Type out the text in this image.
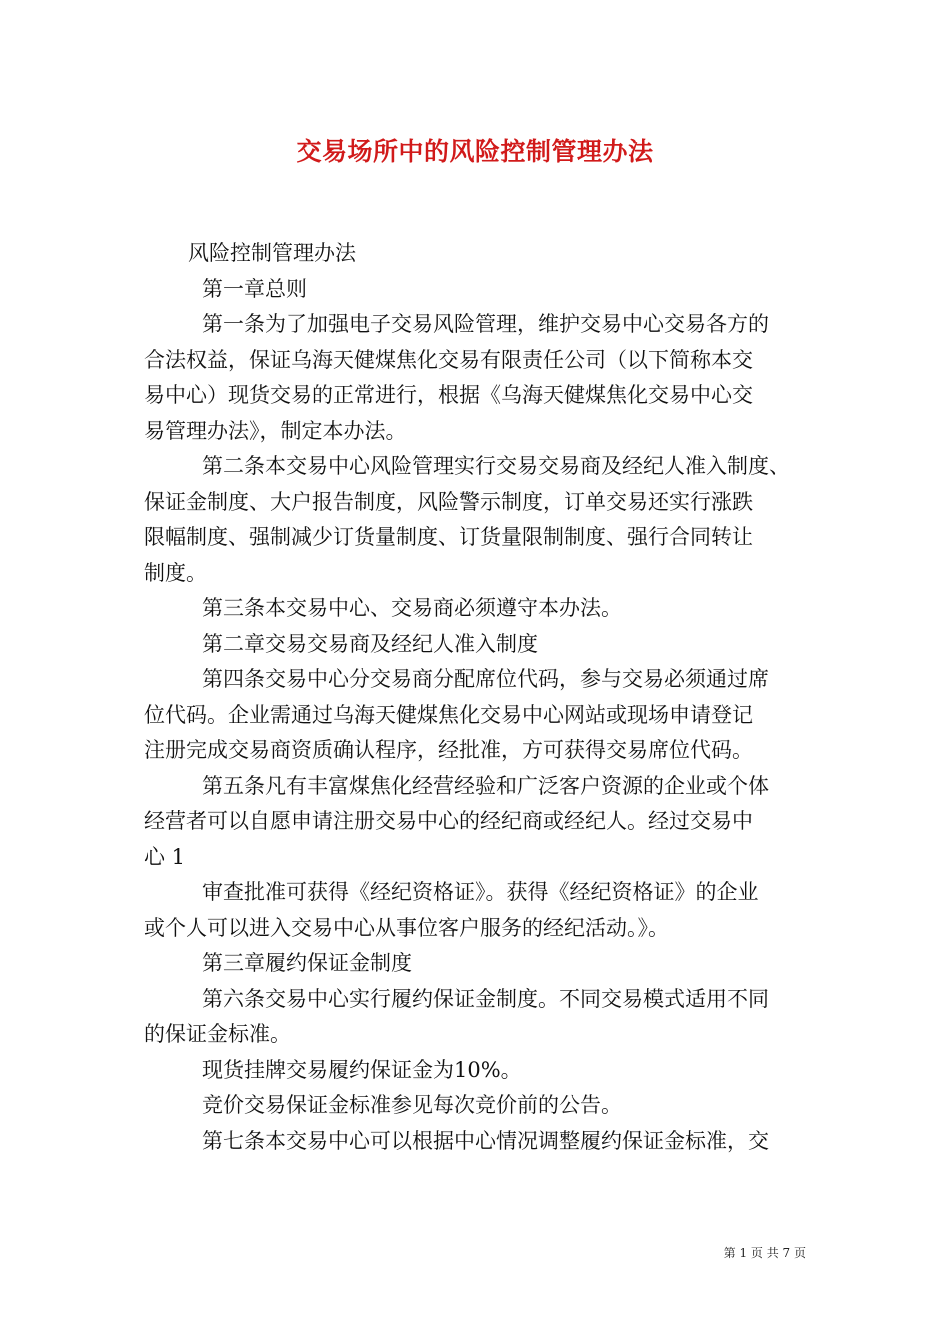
交易场所中的风险控制管理办法
风险控制管理办法
第一章总则
第一条为了加强电子交易风险管理，维护交易中心交易各方的
合法权益，保证乌海天健煤焦化交易有限责任公司（以下简称本交
易中心）现货交易的正常进行，根据《乌海天健煤焦化交易中心交
易管理办法》，制定本办法。
第二条本交易中心风险管理实行交易交易商及经纪人准入制度、
保证金制度、大户报告制度，风险警示制度，订单交易还实行涨跌
限幅制度、强制减少订货量制度、订货量限制制度、强行合同转让
制度。
第三条本交易中心、交易商必须遵守本办法。
第二章交易交易商及经纪人准入制度
第四条交易中心分交易商分配席位代码，参与交易必须通过席
位代码。企业需通过乌海天健煤焦化交易中心网站或现场申请登记
注册完成交易商资质确认程序，经批准，方可获得交易席位代码。
第五条凡有丰富煤焦化经营经验和广泛客户资源的企业或个体
经营者可以自愿申请注册交易中心的经纪商或经纪人。经过交易中
心 1
审查批准可获得《经纪资格证》。获得《经纪资格证》的企业
或个人可以进入交易中心从事位客户服务的经纪活动。》。
第三章履约保证金制度
第六条交易中心实行履约保证金制度。不同交易模式适用不同
的保证金标准。
现货挂牌交易履约保证金为10%。
竞价交易保证金标准参见每次竞价前的公告。
第七条本交易中心可以根据中心情况调整履约保证金标准，交
第 1 页 共 7 页
